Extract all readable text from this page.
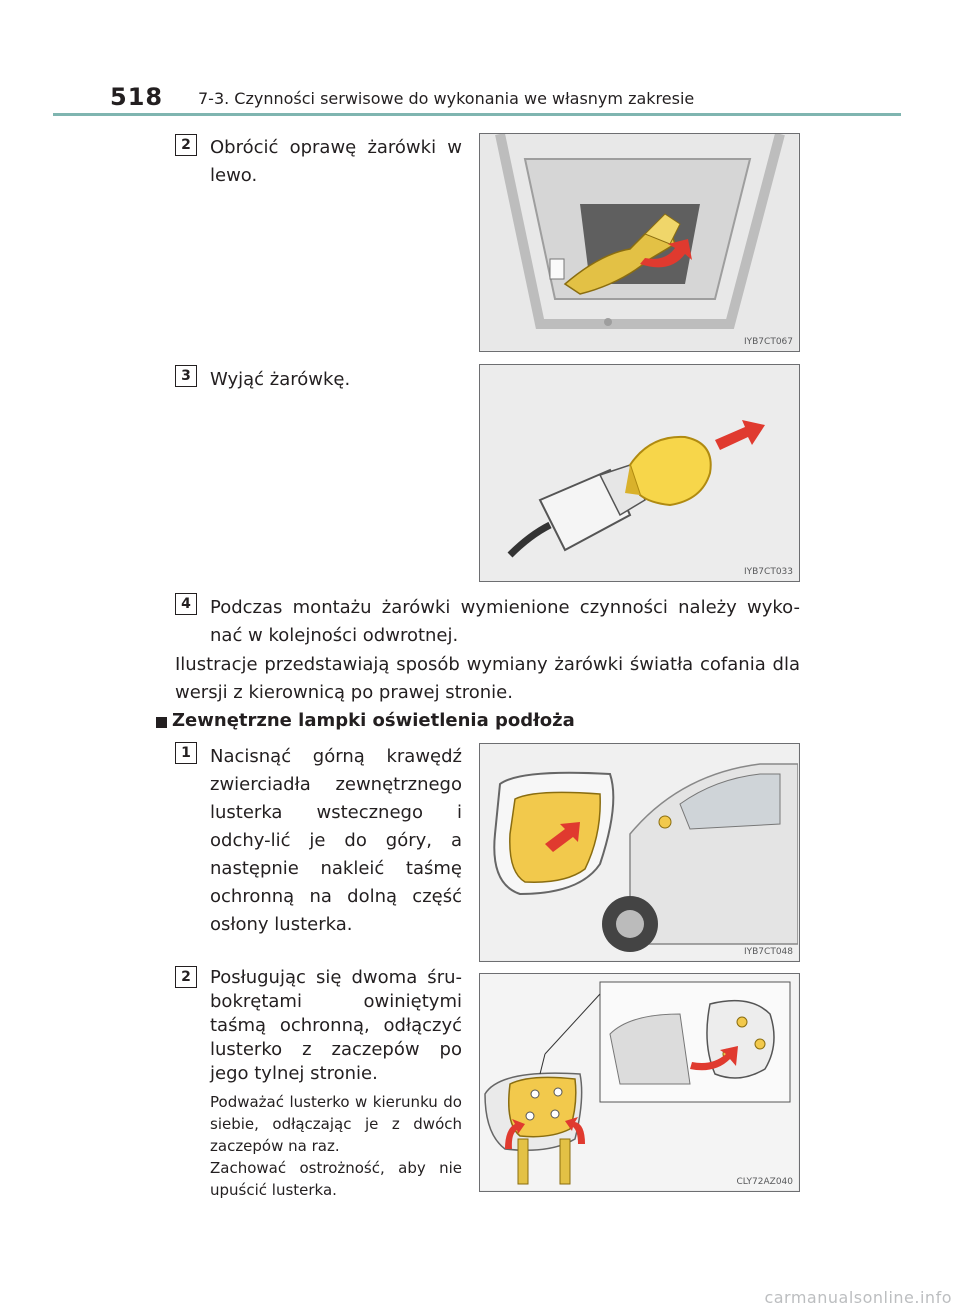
518 7-3. Czynności serwisowe do wykonania we własnym zakresie
2	Obrócić oprawę żarówki w lewo.
IYB7CT067
3	Wyjąć żarówkę.
IYB7CT033
4	Podczas montażu żarówki wymienione czynności należy wyko-nać w kolejności odwrotnej.
Ilustracje przedstawiają sposób wymiany żarówki światła cofania dla wersji z kierownicą po prawej stronie.
Zewnętrzne lampki oświetlenia podłoża
1	Nacisnąć górną krawędź zwierciadła zewnętrznego lusterka wstecznego i odchy-lić je do góry, a następnie nakleić taśmę ochronną na dolną część osłony lusterka.
IYB7CT048
2	Posługując się dwoma śru-bokrętami owiniętymi taśmą ochronną, odłączyć lusterko z zaczepów po jego tylnej stronie.
Podważać lusterko w kierunku do siebie, odłączając je z dwóch zaczepów na raz.
Zachować ostrożność, aby nie upuścić lusterka.	CLY72AZ040
carmanualsonline.info
